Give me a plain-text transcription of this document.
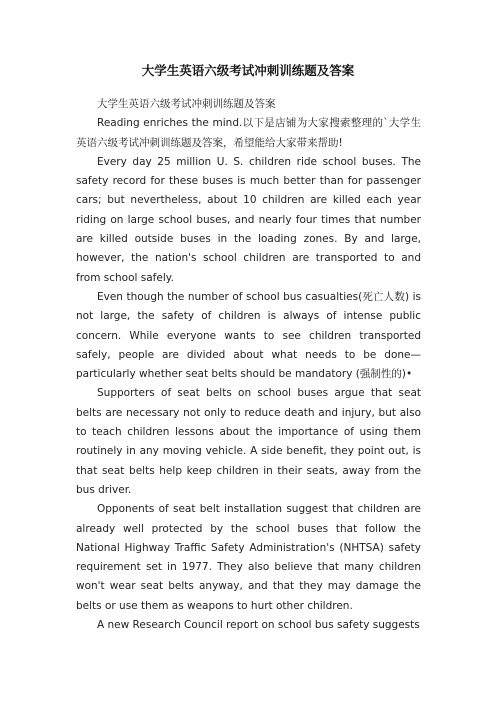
大学生英语六级考试冲刺训练题及答案

大学生英语六级考试冲刺训练题及答案

Reading enriches the mind.以下是店铺为大家搜索整理的`大学生英语六级考试冲刺训练题及答案，希望能给大家带来帮助!

Every day 25 million U. S. children ride school buses. The safety record for these buses is much better than for passenger cars; but nevertheless, about 10 children are killed each year riding on large school buses, and nearly four times that number are killed outside buses in the loading zones. By and large, however, the nation's school children are transported to and from school safely.

Even though the number of school bus casualties(死亡人数) is not large, the safety of children is always of intense public concern. While everyone wants to see children transported safely, people are divided about what needs to be done—particularly whether seat belts should be mandatory (强制性的)•

Supporters of seat belts on school buses argue that seat belts are necessary not only to reduce death and injury, but also to teach children lessons about the importance of using them routinely in any moving vehicle. A side benefit, they point out, is that seat belts help keep children in their seats, away from the bus driver.

Opponents of seat belt installation suggest that children are already well protected by the school buses that follow the National Highway Traffic Safety Administration's (NHTSA) safety requirement set in 1977. They also believe that many children won't wear seat belts anyway, and that they may damage the belts or use them as weapons to hurt other children.

A new Research Council report on school bus safety suggests
